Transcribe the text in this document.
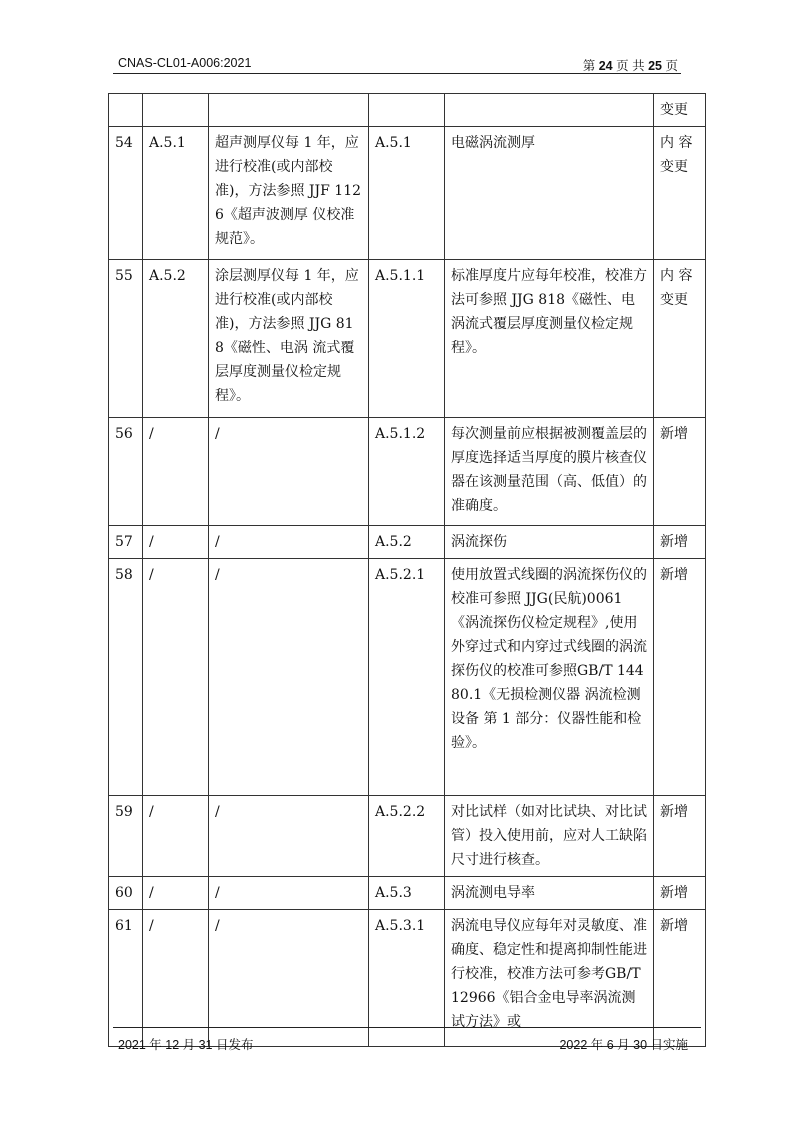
CNAS-CL01-A006:2021	第 24 页 共 25 页
					变更
54	A.5.1	超声测厚仪每 1 年，应进行校准(或内部校准)，方法参照 JJF 1126《超声波测厚 仪校准规范》。	A.5.1	电磁涡流测厚	内 容变更
55	A.5.2	涂层测厚仪每 1 年，应进行校准(或内部校准)，方法参照 JJG 818《磁性、电涡 流式覆层厚度测量仪检定规程》。	A.5.1.1	标准厚度片应每年校准，校准方法可参照 JJG 818《磁性、电涡流式覆层厚度测量仪检定规程》。	内 容变更
56	/	/	A.5.1.2	每次测量前应根据被测覆盖层的厚度选择适当厚度的膜片核查仪器在该测量范围（高、低值）的准确度。	新增
57	/	/	A.5.2	涡流探伤	新增
58	/	/	A.5.2.1	使用放置式线圈的涡流探伤仪的校准可参照 JJG(民航)0061 《涡流探伤仪检定规程》,使用外穿过式和内穿过式线圈的涡流探伤仪的校准可参照GB/T 14480.1《无损检测仪器 涡流检测设备 第 1 部分：仪器性能和检验》。	新增
59	/	/	A.5.2.2	对比试样（如对比试块、对比试管）投入使用前，应对人工缺陷尺寸进行核查。	新增
60	/	/	A.5.3	涡流测电导率	新增
61	/	/	A.5.3.1	涡流电导仪应每年对灵敏度、准确度、稳定性和提离抑制性能进行校准，校准方法可参考GB/T 12966《铝合金电导率涡流测试方法》或	新增
2021 年 12 月 31 日发布	2022 年 6 月 30 日实施
